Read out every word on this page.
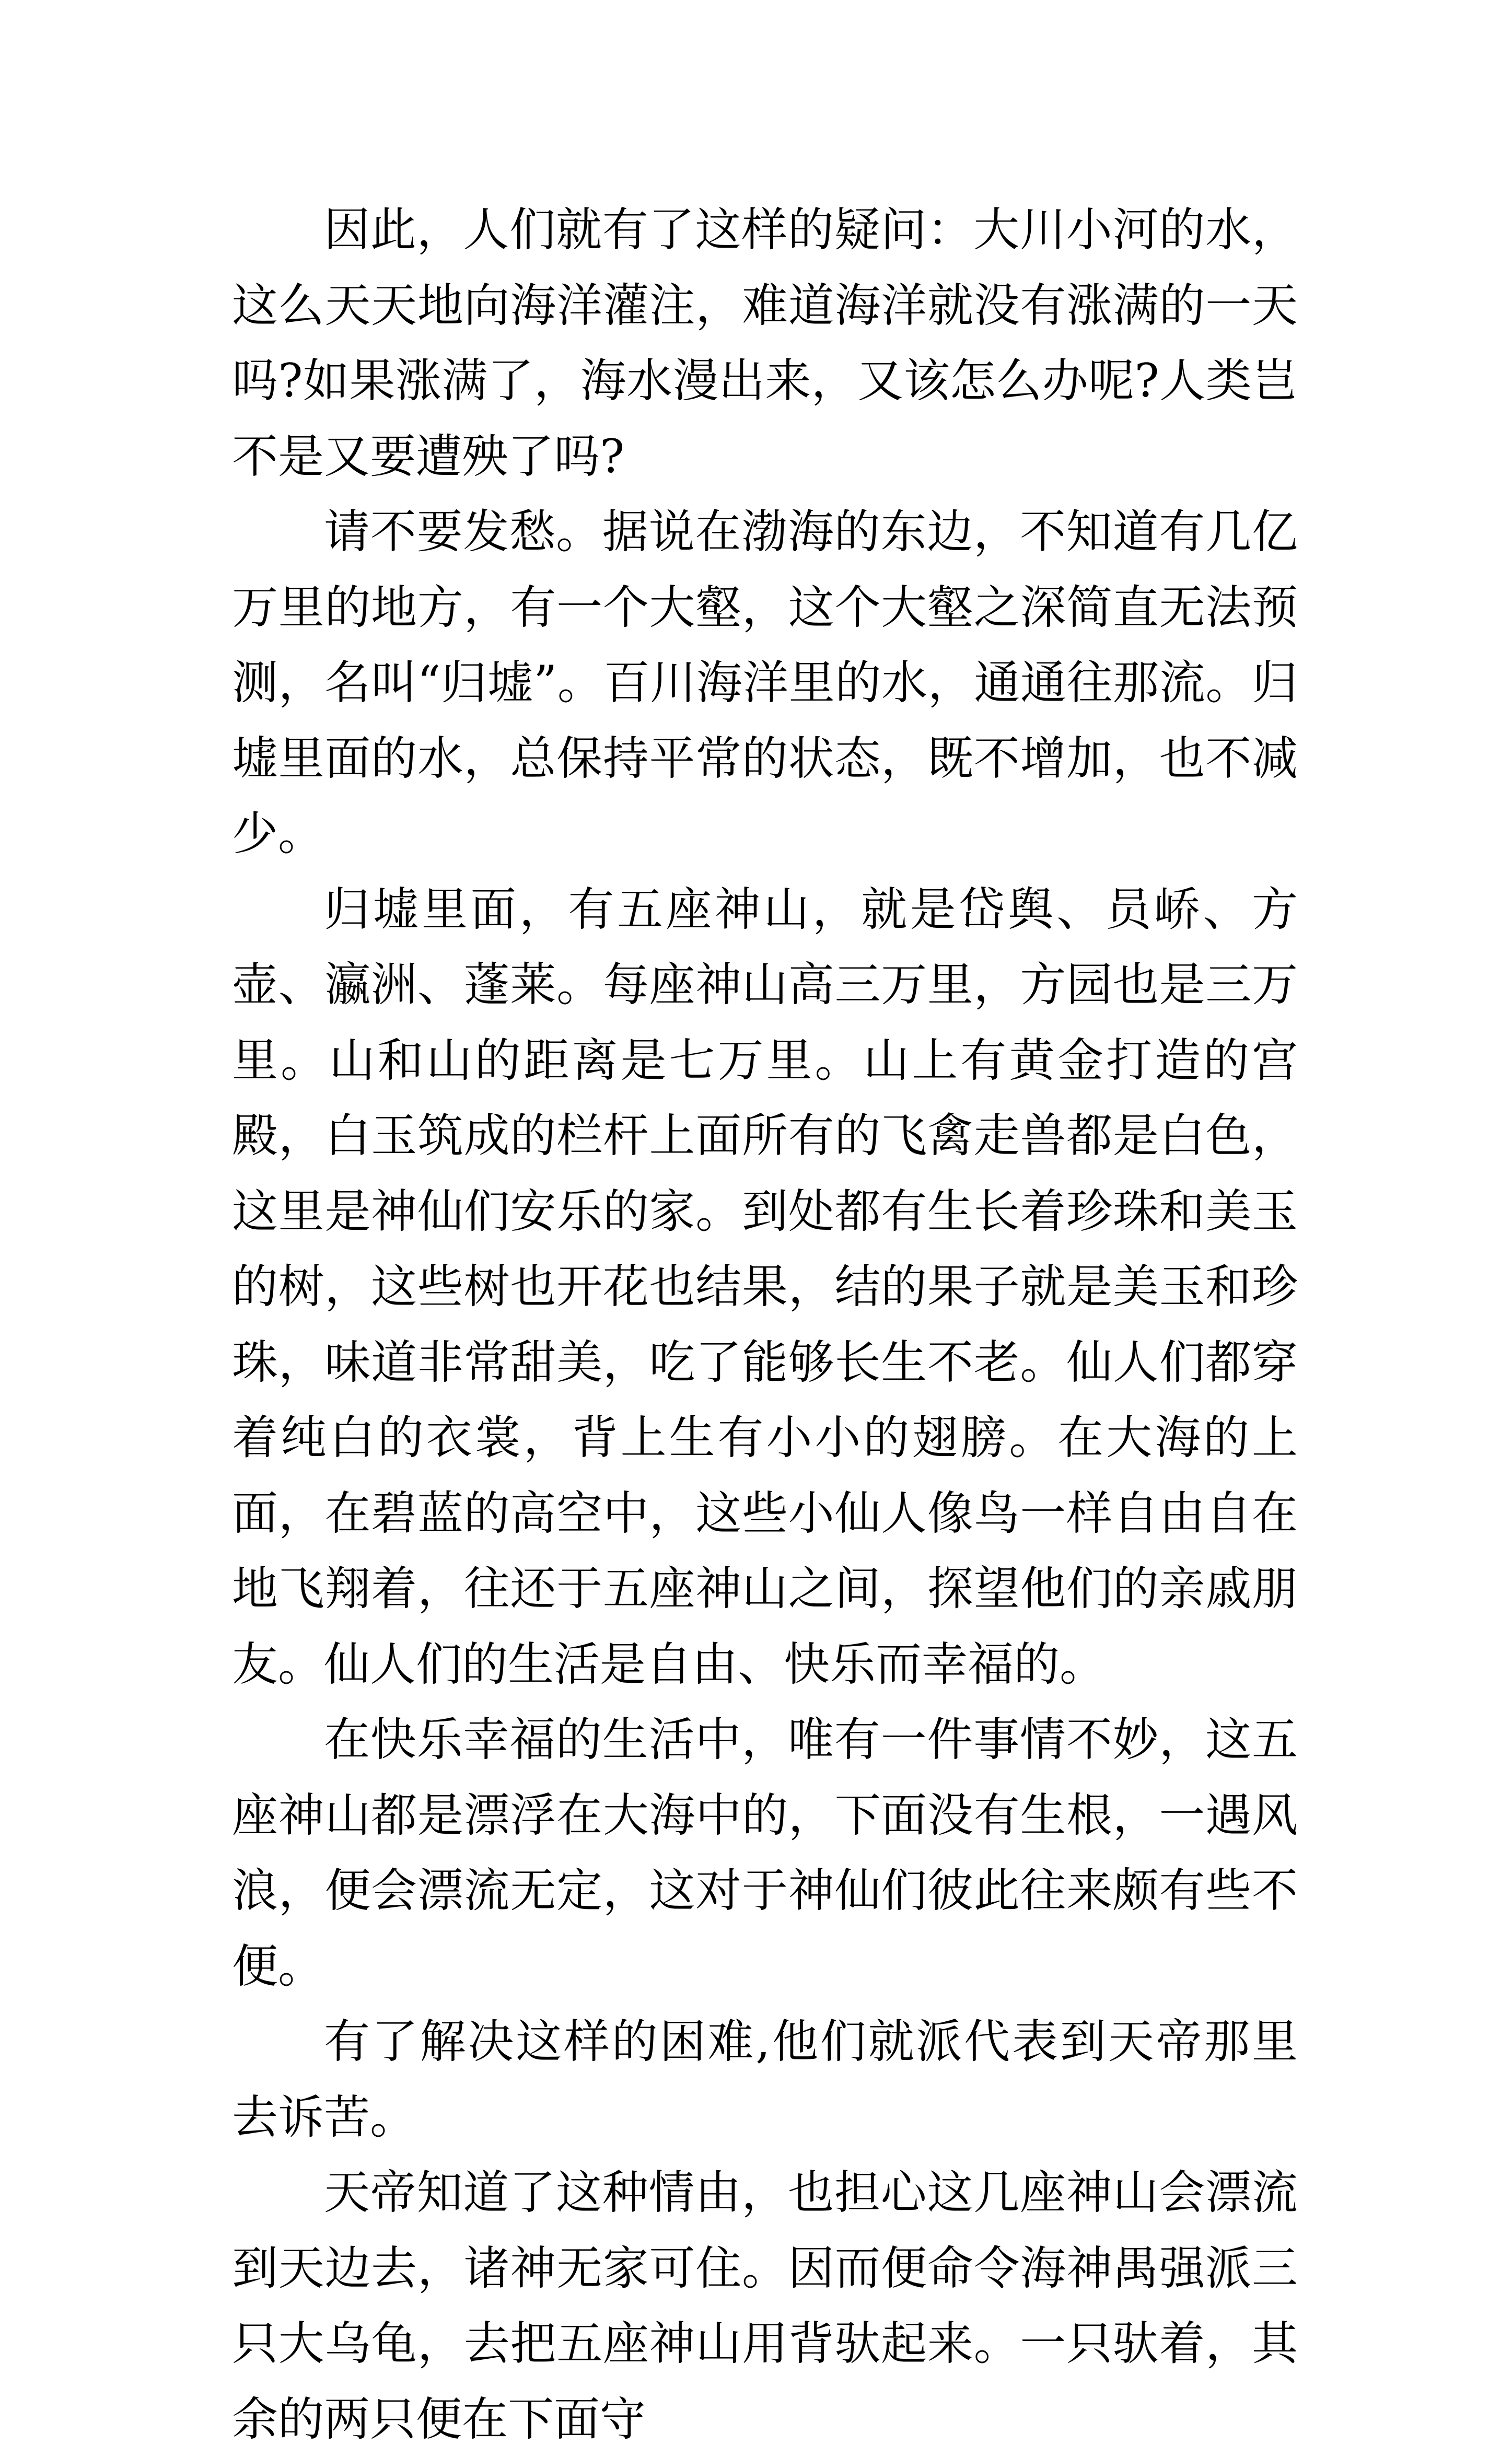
因此，人们就有了这样的疑问：大川小河的水，这么天天地向海洋灌注，难道海洋就没有涨满的一天吗?如果涨满了，海水漫出来，又该怎么办呢?人类岂不是又要遭殃了吗?

请不要发愁。据说在渤海的东边，不知道有几亿万里的地方，有一个大壑，这个大壑之深简直无法预测，名叫“归墟”。百川海洋里的水，通通往那流。归墟里面的水，总保持平常的状态，既不增加，也不减少。

归墟里面，有五座神山，就是岱舆、员峤、方壶、瀛洲、蓬莱。每座神山高三万里，方园也是三万里。山和山的距离是七万里。山上有黄金打造的宫殿，白玉筑成的栏杆上面所有的飞禽走兽都是白色，这里是神仙们安乐的家。到处都有生长着珍珠和美玉的树，这些树也开花也结果，结的果子就是美玉和珍珠，味道非常甜美，吃了能够长生不老。仙人们都穿着纯白的衣裳，背上生有小小的翅膀。在大海的上面，在碧蓝的高空中，这些小仙人像鸟一样自由自在地飞翔着，往还于五座神山之间，探望他们的亲戚朋友。仙人们的生活是自由、快乐而幸福的。

在快乐幸福的生活中，唯有一件事情不妙，这五座神山都是漂浮在大海中的，下面没有生根，一遇风浪，便会漂流无定，这对于神仙们彼此往来颇有些不便。

有了解决这样的困难,他们就派代表到天帝那里去诉苦。

天帝知道了这种情由，也担心这几座神山会漂流到天边去，诸神无家可住。因而便命令海神禺强派三只大乌龟，去把五座神山用背驮起来。一只驮着，其余的两只便在下面守
